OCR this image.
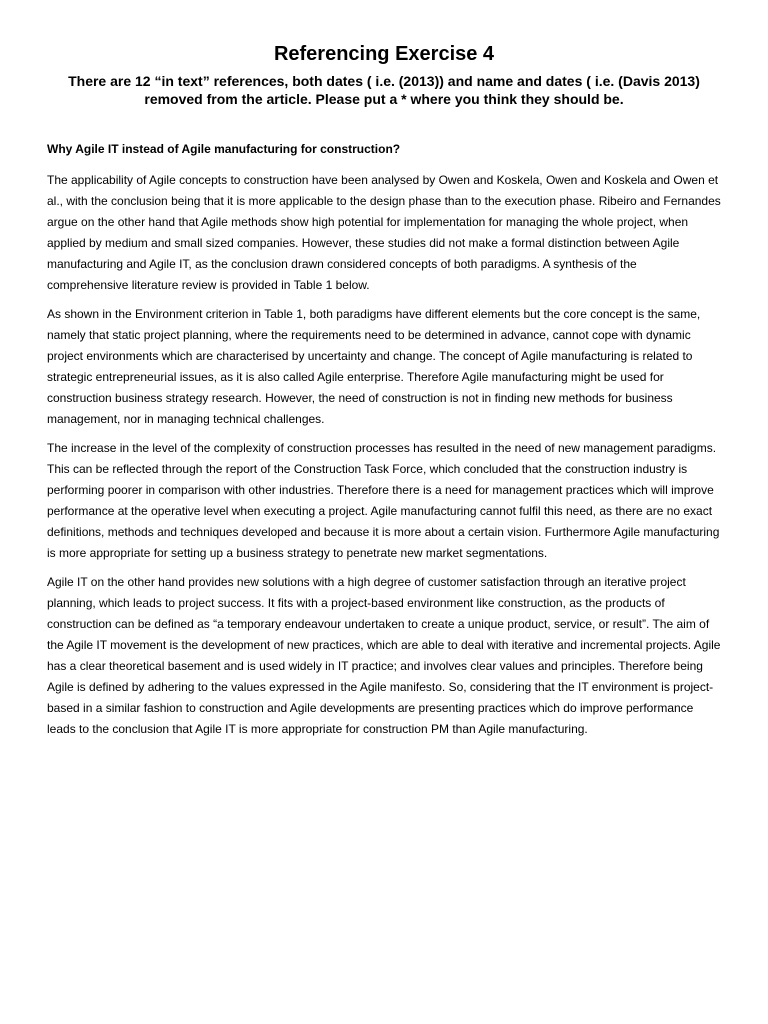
Referencing Exercise 4

There are 12 “in text” references, both dates ( i.e. (2013)) and name and dates ( i.e. (Davis 2013) removed from the article. Please put a * where you think they should be.

Why Agile IT instead of Agile manufacturing for construction?

The applicability of Agile concepts to construction have been analysed by Owen and Koskela, Owen and Koskela and Owen et al., with the conclusion being that it is more applicable to the design phase than to the execution phase. Ribeiro and Fernandes argue on the other hand that Agile methods show high potential for implementation for managing the whole project, when applied by medium and small sized companies. However, these studies did not make a formal distinction between Agile manufacturing and Agile IT, as the conclusion drawn considered concepts of both paradigms. A synthesis of the comprehensive literature review is provided in Table 1 below.

As shown in the Environment criterion in Table 1, both paradigms have different elements but the core concept is the same, namely that static project planning, where the requirements need to be determined in advance, cannot cope with dynamic project environments which are characterised by uncertainty and change. The concept of Agile manufacturing is related to strategic entrepreneurial issues, as it is also called Agile enterprise. Therefore Agile manufacturing might be used for construction business strategy research. However, the need of construction is not in finding new methods for business management, nor in managing technical challenges.

The increase in the level of the complexity of construction processes has resulted in the need of new management paradigms. This can be reflected through the report of the Construction Task Force, which concluded that the construction industry is performing poorer in comparison with other industries. Therefore there is a need for management practices which will improve performance at the operative level when executing a project. Agile manufacturing cannot fulfil this need, as there are no exact definitions, methods and techniques developed and because it is more about a certain vision. Furthermore Agile manufacturing is more appropriate for setting up a business strategy to penetrate new market segmentations.

Agile IT on the other hand provides new solutions with a high degree of customer satisfaction through an iterative project planning, which leads to project success. It fits with a project-based environment like construction, as the products of construction can be defined as “a temporary endeavour undertaken to create a unique product, service, or result”. The aim of the Agile IT movement is the development of new practices, which are able to deal with iterative and incremental projects. Agile has a clear theoretical basement and is used widely in IT practice; and involves clear values and principles. Therefore being Agile is defined by adhering to the values expressed in the Agile manifesto. So, considering that the IT environment is project-based in a similar fashion to construction and Agile developments are presenting practices which do improve performance leads to the conclusion that Agile IT is more appropriate for construction PM than Agile manufacturing.
